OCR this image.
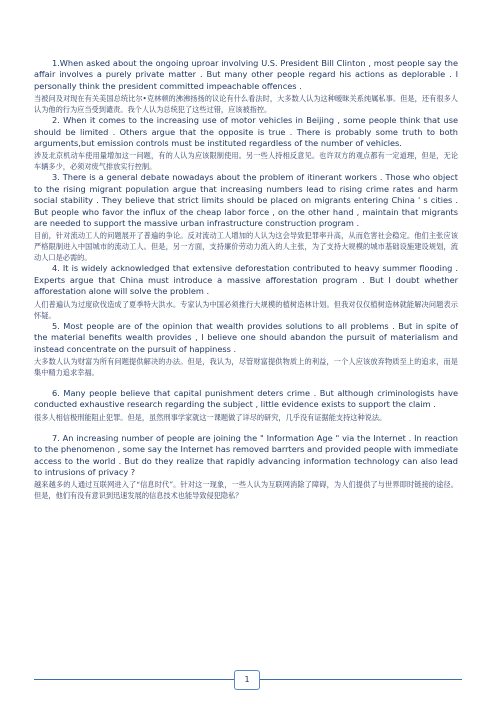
1.When asked about the ongoing uproar involving U.S. President Bill Clinton , most people say the affair involves a purely private matter . But many other people regard his actions as deplorable . I personally think the president committed impeachable offences .

当被问及对现在有关美国总统比尔•克林顿的沸沸扬扬的议论有什么看法时，大多数人认为这种暧昧关系纯属私事。但是，还有很多人认为他的行为应当受到谴责。我个人认为总统犯了这些过错，应该被指控。

2. When it comes to the increasing use of motor vehicles in Beijing , some people think that use should be limited . Others argue that the opposite is true . There is probably some truth to both arguments,but emission controls must be instituted regardless of the number of vehicles.

涉及北京机动车使用量增加这一问题，有的人认为应该限制使用。另一些人持相反意见。也许双方的观点都有一定道理，但是，无论车辆多少，必须对废气排放实行控制。

3. There is a general debate nowadays about the problem of itinerant workers . Those who object to the rising migrant population argue that increasing numbers lead to rising crime rates and harm social stability . They believe that strict limits should be placed on migrants entering China ' s cities . But people who favor the influx of the cheap labor force , on the other hand , maintain that migrants are needed to support the massive urban infrastructure construction program .

目前，针对流动工人的问题展开了普遍的争论。反对流动工人增加的人认为这会导致犯罪率升高，从而危害社会稳定。他们主张应该严格限制进入中国城市的流动工人。但是，另一方面，支持廉价劳动力流入的人主张，为了支持大规模的城市基础设施建设规划，流动人口是必需的。

4. It is widely acknowledged that extensive deforestation contributed to heavy summer flooding . Experts argue that China must introduce a massive afforestation program . But I doubt whether afforestation alone will solve the problem .

人们普遍认为过度砍伐造成了夏季特大洪水。专家认为中国必须推行大规模的植树造林计划。但我对仅仅植树造林就能解决问题表示怀疑。

5. Most people are of the opinion that wealth provides solutions to all problems . But in spite of the material benefits wealth provides , I believe one should abandon the pursuit of materialism and instead concentrate on the pursuit of happiness .

大多数人认为财富为所有问题提供解决的办法。但是，我认为，尽管财富提供物质上的利益，一个人应该放弃物质至上的追求，而是集中精力追求幸福。

6. Many people believe that capital punishment deters crime . But although criminologists have conducted exhaustive research regarding the subject , little evidence exists to support the claim .

很多人相信极刑能阻止犯罪。但是，虽然刑事学家就这一课题做了详尽的研究，几乎没有证据能支持这种说法。

7. An increasing number of people are joining the " Information Age " via the Internet . In reaction to the phenomenon , some say the Internet has removed barrters and provided people with immediate access to the world . But do they realize that rapidly advancing information technology can also lead to intrusions of privacy ?

越来越多的人通过互联网进入了“信息时代”。针对这一现象，一些人认为互联网消除了障碍，为人们提供了与世界即时链接的途径。但是，他们有没有意识到迅速发展的信息技术也能导致侵犯隐私？

1
